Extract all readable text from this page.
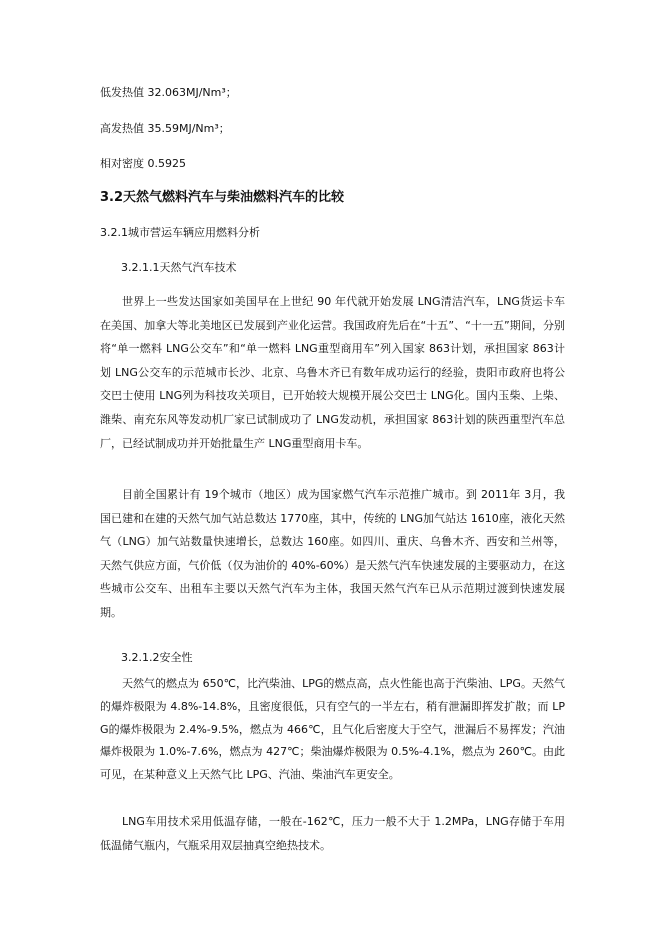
低发热值 32.063MJ/Nm³；
高发热值 35.59MJ/Nm³；
相对密度 0.5925
3.2天然气燃料汽车与柴油燃料汽车的比较
3.2.1城市营运车辆应用燃料分析
3.2.1.1天然气汽车技术
世界上一些发达国家如美国早在上世纪 90 年代就开始发展 LNG清洁汽车，LNG货运卡车在美国、加拿大等北美地区已发展到产业化运营。我国政府先后在“十五”、“十一五”期间，分别将“单一燃料 LNG公交车”和“单一燃料 LNG重型商用车”列入国家 863计划，承担国家 863计划 LNG公交车的示范城市长沙、北京、乌鲁木齐已有数年成功运行的经验，贵阳市政府也将公交巴士使用 LNG列为科技攻关项目，已开始较大规模开展公交巴士 LNG化。国内玉柴、上柴、潍柴、南充东风等发动机厂家已试制成功了 LNG发动机，承担国家 863计划的陕西重型汽车总厂，已经试制成功并开始批量生产 LNG重型商用卡车。
目前全国累计有 19个城市（地区）成为国家燃气汽车示范推广城市。到 2011年 3月，我国已建和在建的天然气加气站总数达 1770座，其中，传统的 LNG加气站达 1610座，液化天然气（LNG）加气站数量快速增长，总数达 160座。如四川、重庆、乌鲁木齐、西安和兰州等，天然气供应方面，气价低（仅为油价的 40%-60%）是天然气汽车快速发展的主要驱动力，在这些城市公交车、出租车主要以天然气汽车为主体，我国天然气汽车已从示范期过渡到快速发展期。
3.2.1.2安全性
天然气的燃点为 650℃，比汽柴油、LPG的燃点高，点火性能也高于汽柴油、LPG。天然气的爆炸极限为 4.8%-14.8%，且密度很低，只有空气的一半左右，稍有泄漏即挥发扩散；而 LPG的爆炸极限为 2.4%-9.5%，燃点为 466℃，且气化后密度大于空气，泄漏后不易挥发；汽油爆炸极限为 1.0%-7.6%，燃点为 427℃；柴油爆炸极限为 0.5%-4.1%，燃点为 260℃。由此可见，在某种意义上天然气比 LPG、汽油、柴油汽车更安全。
LNG车用技术采用低温存储，一般在-162℃，压力一般不大于 1.2MPa，LNG存储于车用低温储气瓶内，气瓶采用双层抽真空绝热技术。
